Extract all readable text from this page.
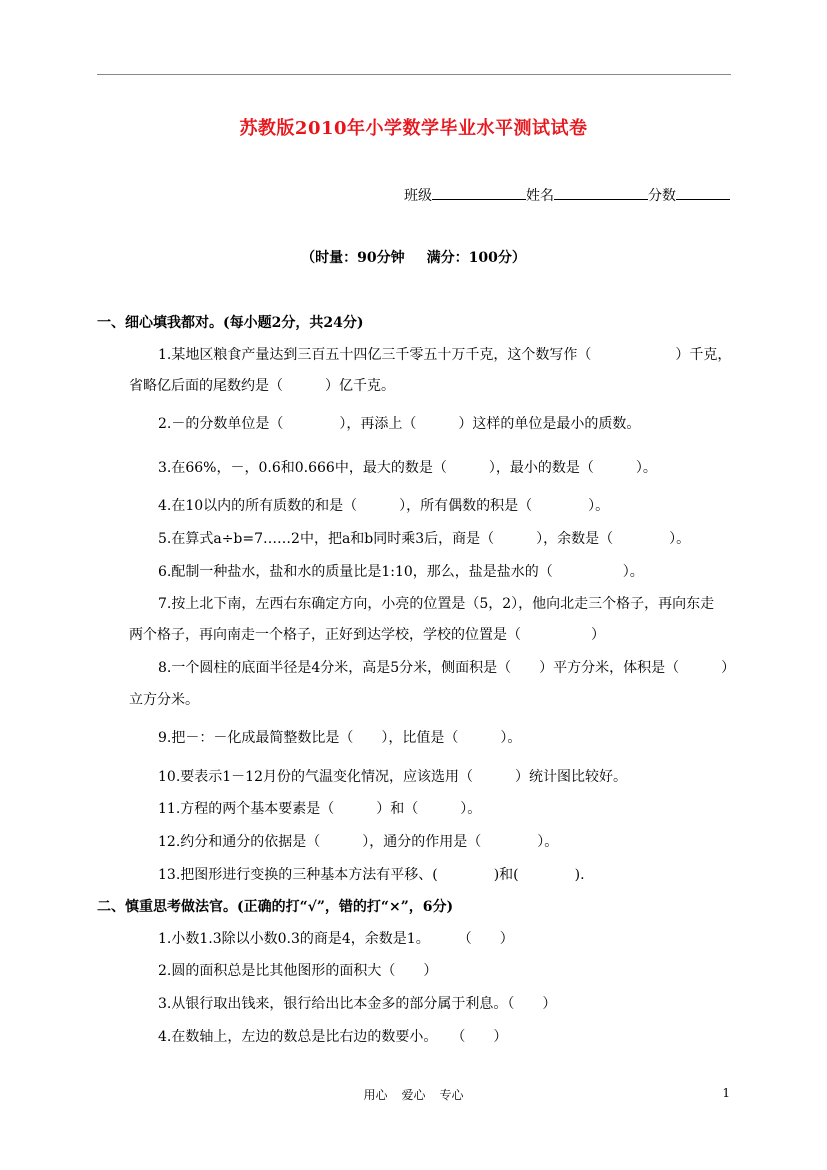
苏教版2010年小学数学毕业水平测试试卷
班级	姓名	分数
（时量：90分钟 满分：100分）
一、细心填我都对。(每小题2分，共24分)
1.某地区粮食产量达到三百五十四亿三千零五十万千克，这个数写作（　　　　　　）千克，
省略亿后面的尾数约是（　　　）亿千克。
2.－的分数单位是（　　　　），再添上（　　　）这样的单位是最小的质数。
3.在66%，－，0.6和0.666中，最大的数是（　　　），最小的数是（　　　）。
4.在10以内的所有质数的和是（　　　），所有偶数的积是（　　　　）。
5.在算式a÷b=7……2中，把a和b同时乘3后，商是（　　　），余数是（　　　　）。
6.配制一种盐水，盐和水的质量比是1:10，那么，盐是盐水的（　　　　　）。
7.按上北下南，左西右东确定方向，小亮的位置是（5，2），他向北走三个格子，再向东走
两个格子，再向南走一个格子，正好到达学校，学校的位置是（　　　　　）
8.一个圆柱的底面半径是4分米，高是5分米，侧面积是（　　）平方分米，体积是（　　　）
立方分米。
9.把－：－化成最简整数比是（　　），比值是（　　　）。
10.要表示1－12月份的气温变化情况，应该选用（　　　）统计图比较好。
11.方程的两个基本要素是（　　　）和（　　　）。
12.约分和通分的依据是（　　　），通分的作用是（　　　　）。
13.把图形进行变换的三种基本方法有平移、(　　　　)和(　　　　).
二、慎重思考做法官。(正确的打“√”，错的打“×”，6分)
1.小数1.3除以小数0.3的商是4，余数是1。　　　（　　）
2.圆的面积总是比其他图形的面积大（　　）
3.从银行取出钱来，银行给出比本金多的部分属于利息。（　　）
4.在数轴上，左边的数总是比右边的数要小。　　（　　）
用心 爱心 专心	1
